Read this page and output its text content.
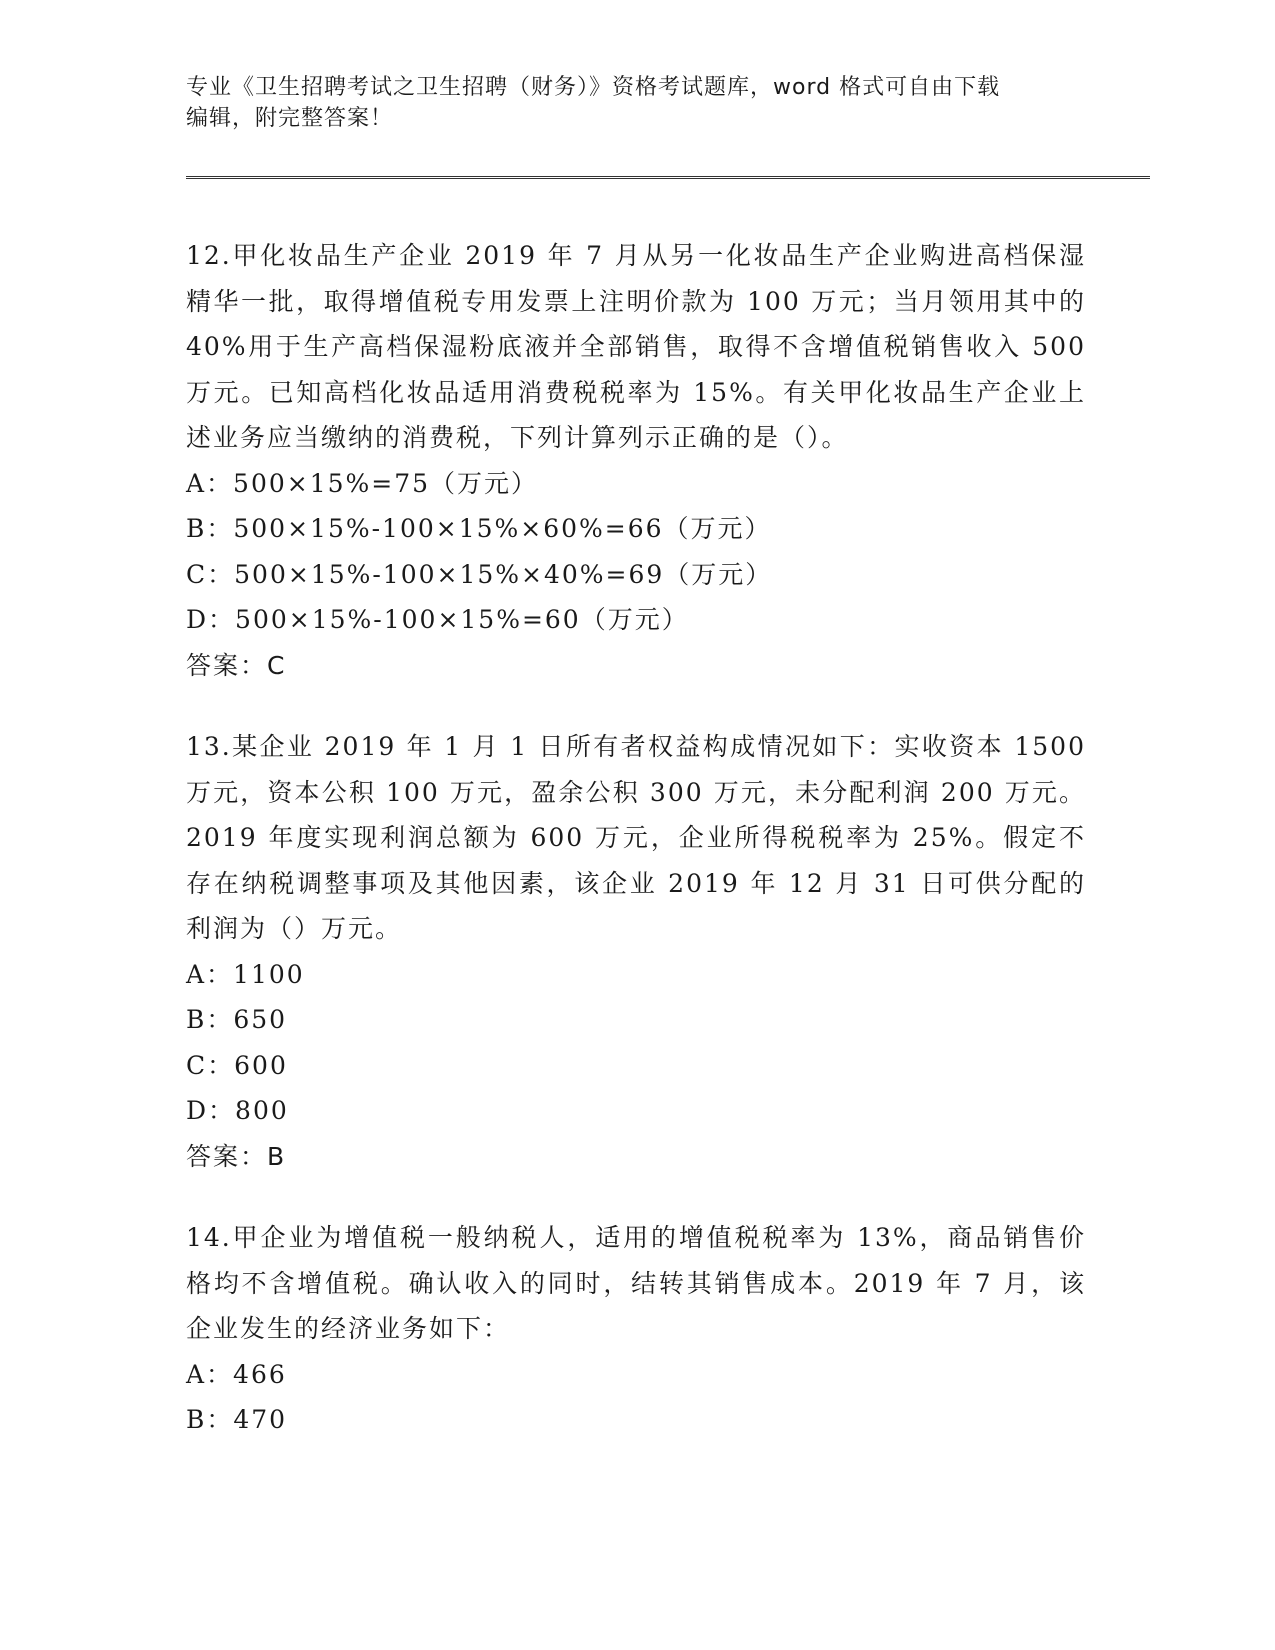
专业《卫生招聘考试之卫生招聘（财务）》资格考试题库，word 格式可自由下载
编辑，附完整答案！
12.甲化妆品生产企业 2019 年 7 月从另一化妆品生产企业购进高档保湿精华一批，取得增值税专用发票上注明价款为 100 万元；当月领用其中的 40%用于生产高档保湿粉底液并全部销售，取得不含增值税销售收入 500 万元。已知高档化妆品适用消费税税率为 15%。有关甲化妆品生产企业上述业务应当缴纳的消费税，下列计算列示正确的是（）。
A：500×15%=75（万元）
B：500×15%-100×15%×60%=66（万元）
C：500×15%-100×15%×40%=69（万元）
D：500×15%-100×15%=60（万元）
答案：C
13.某企业 2019 年 1 月 1 日所有者权益构成情况如下：实收资本 1500 万元，资本公积 100 万元，盈余公积 300 万元，未分配利润 200 万元。2019 年度实现利润总额为 600 万元，企业所得税税率为 25%。假定不存在纳税调整事项及其他因素，该企业 2019 年 12 月 31 日可供分配的利润为（）万元。
A：1100
B：650
C：600
D：800
答案：B
14.甲企业为增值税一般纳税人，适用的增值税税率为 13%，商品销售价格均不含增值税。确认收入的同时，结转其销售成本。2019 年 7 月，该企业发生的经济业务如下：
A：466
B：470
